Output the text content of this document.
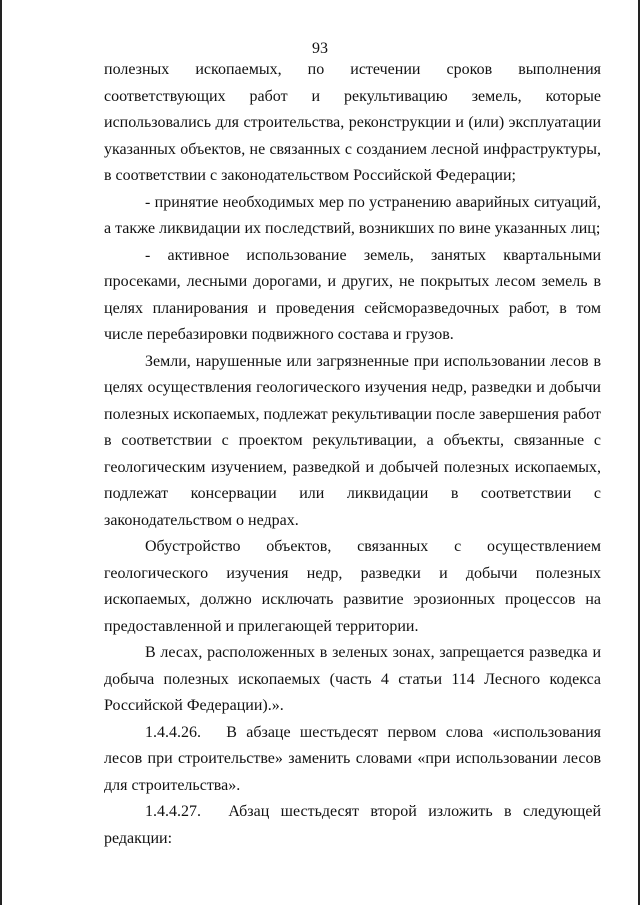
93

полезных ископаемых, по истечении сроков выполнения соответствующих работ и рекультивацию земель, которые использовались для строительства, реконструкции и (или) эксплуатации указанных объектов, не связанных с созданием лесной инфраструктуры, в соответствии с законодательством Российской Федерации;

- принятие необходимых мер по устранению аварийных ситуаций, а также ликвидации их последствий, возникших по вине указанных лиц;

- активное использование земель, занятых квартальными просеками, лесными дорогами, и других, не покрытых лесом земель в целях планирования и проведения сейсморазведочных работ, в том числе перебазировки подвижного состава и грузов.

Земли, нарушенные или загрязненные при использовании лесов в целях осуществления геологического изучения недр, разведки и добычи полезных ископаемых, подлежат рекультивации после завершения работ в соответствии с проектом рекультивации, а объекты, связанные с геологическим изучением, разведкой и добычей полезных ископаемых, подлежат консервации или ликвидации в соответствии с законодательством о недрах.

Обустройство объектов, связанных с осуществлением геологического изучения недр, разведки и добычи полезных ископаемых, должно исключать развитие эрозионных процессов на предоставленной и прилегающей территории.

В лесах, расположенных в зеленых зонах, запрещается разведка и добыча полезных ископаемых (часть 4 статьи 114 Лесного кодекса Российской Федерации).».

1.4.4.26. В абзаце шестьдесят первом слова «использования лесов при строительстве» заменить словами «при использовании лесов для строительства».

1.4.4.27. Абзац шестьдесят второй изложить в следующей редакции:
